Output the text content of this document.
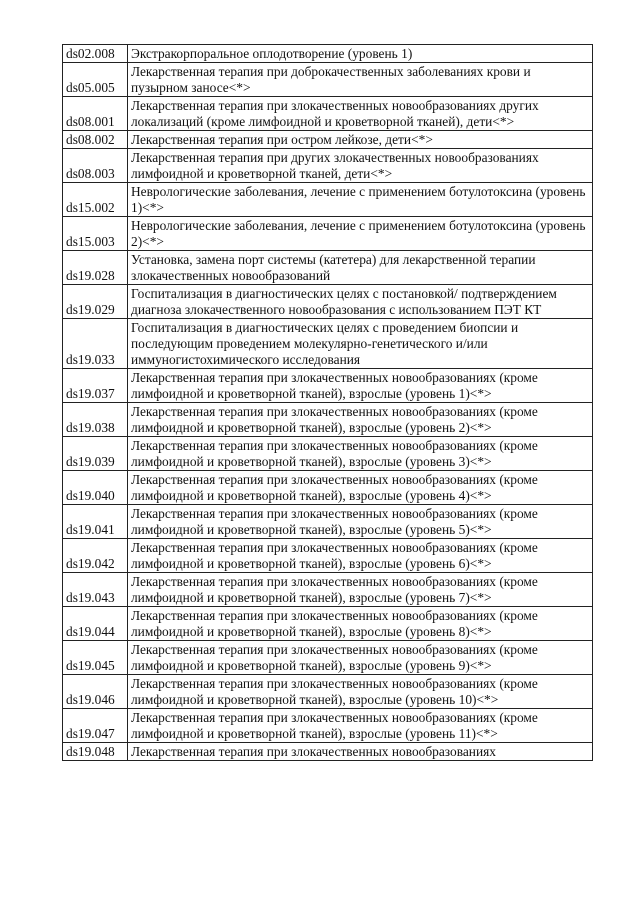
ds02.008	Экстракорпоральное оплодотворение (уровень 1)
ds05.005	Лекарственная терапия при доброкачественных заболеваниях крови и пузырном заносе<*>
ds08.001	Лекарственная терапия при злокачественных новообразованиях других локализаций (кроме лимфоидной и кроветворной тканей), дети<*>
ds08.002	Лекарственная терапия при остром лейкозе, дети<*>
ds08.003	Лекарственная терапия при других злокачественных новообразованиях лимфоидной и кроветворной тканей, дети<*>
ds15.002	Неврологические заболевания, лечение с применением ботулотоксина (уровень 1)<*>
ds15.003	Неврологические заболевания, лечение с применением ботулотоксина (уровень 2)<*>
ds19.028	Установка, замена порт системы (катетера) для лекарственной терапии злокачественных новообразований
ds19.029	Госпитализация в диагностических целях с постановкой/ подтверждением диагноза злокачественного новообразования с использованием ПЭТ КТ
ds19.033	Госпитализация в диагностических целях с проведением биопсии и последующим проведением молекулярно-генетического и/или иммуногистохимического исследования
ds19.037	Лекарственная терапия при злокачественных новообразованиях (кроме лимфоидной и кроветворной тканей), взрослые (уровень 1)<*>
ds19.038	Лекарственная терапия при злокачественных новообразованиях (кроме лимфоидной и кроветворной тканей), взрослые (уровень 2)<*>
ds19.039	Лекарственная терапия при злокачественных новообразованиях (кроме лимфоидной и кроветворной тканей), взрослые (уровень 3)<*>
ds19.040	Лекарственная терапия при злокачественных новообразованиях (кроме лимфоидной и кроветворной тканей), взрослые (уровень 4)<*>
ds19.041	Лекарственная терапия при злокачественных новообразованиях (кроме лимфоидной и кроветворной тканей), взрослые (уровень 5)<*>
ds19.042	Лекарственная терапия при злокачественных новообразованиях (кроме лимфоидной и кроветворной тканей), взрослые (уровень 6)<*>
ds19.043	Лекарственная терапия при злокачественных новообразованиях (кроме лимфоидной и кроветворной тканей), взрослые (уровень 7)<*>
ds19.044	Лекарственная терапия при злокачественных новообразованиях (кроме лимфоидной и кроветворной тканей), взрослые (уровень 8)<*>
ds19.045	Лекарственная терапия при злокачественных новообразованиях (кроме лимфоидной и кроветворной тканей), взрослые (уровень 9)<*>
ds19.046	Лекарственная терапия при злокачественных новообразованиях (кроме лимфоидной и кроветворной тканей), взрослые (уровень 10)<*>
ds19.047	Лекарственная терапия при злокачественных новообразованиях (кроме лимфоидной и кроветворной тканей), взрослые (уровень 11)<*>
ds19.048	Лекарственная терапия при злокачественных новообразованиях
